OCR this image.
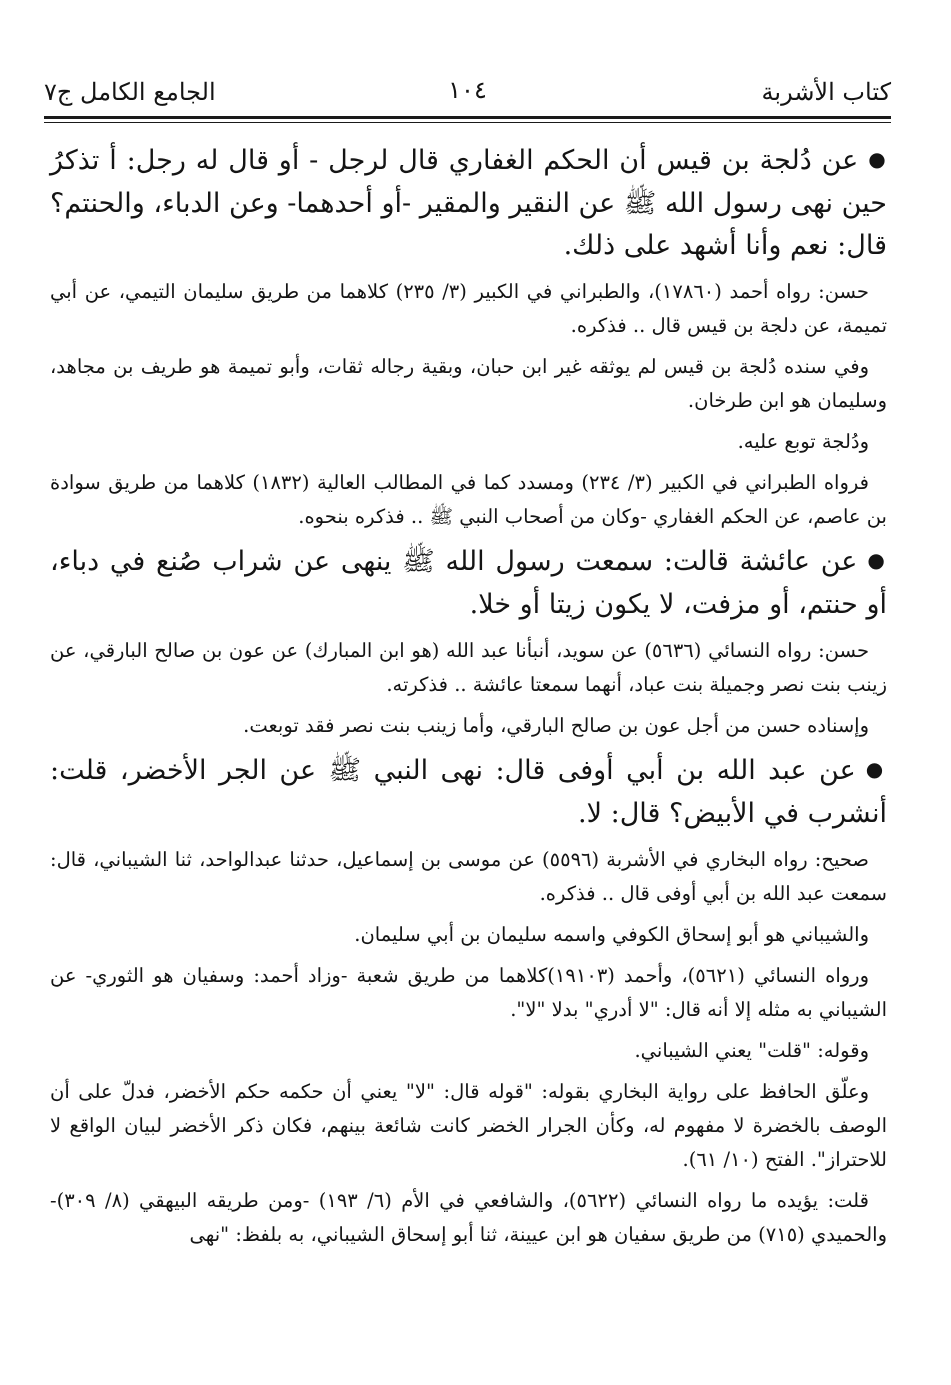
كتاب الأشربة
١٠٤
الجامع الكامل ج٧

●عن دُلجة بن قيس أن الحكم الغفاري قال لرجل - أو قال له رجل: أ تذكرُ حين نهى رسول الله ﷺ عن النقير والمقير -أو أحدهما- وعن الدباء، والحنتم؟ قال: نعم وأنا أشهد على ذلك.

حسن: رواه أحمد (١٧٨٦٠)، والطبراني في الكبير (٣/ ٢٣٥) كلاهما من طريق سليمان التيمي، عن أبي تميمة، عن دلجة بن قيس قال .. فذكره.

وفي سنده دُلجة بن قيس لم يوثقه غير ابن حبان، وبقية رجاله ثقات، وأبو تميمة هو طريف بن مجاهد، وسليمان هو ابن طرخان.

ودُلجة توبع عليه.

فرواه الطبراني في الكبير (٣/ ٢٣٤) ومسدد كما في المطالب العالية (١٨٣٢) كلاهما من طريق سوادة بن عاصم، عن الحكم الغفاري -وكان من أصحاب النبي ﷺ .. فذكره بنحوه.

●عن عائشة قالت: سمعت رسول الله ﷺ ينهى عن شراب صُنع في دباء، أو حنتم، أو مزفت، لا يكون زيتا أو خلا.

حسن: رواه النسائي (٥٦٣٦) عن سويد، أنبأنا عبد الله (هو ابن المبارك) عن عون بن صالح البارقي، عن زينب بنت نصر وجميلة بنت عباد، أنهما سمعتا عائشة .. فذكرته.

وإسناده حسن من أجل عون بن صالح البارقي، وأما زينب بنت نصر فقد توبعت.

●عن عبد الله بن أبي أوفى قال: نهى النبي ﷺ عن الجر الأخضر، قلت: أنشرب في الأبيض؟ قال: لا.

صحيح: رواه البخاري في الأشربة (٥٥٩٦) عن موسى بن إسماعيل، حدثنا عبدالواحد، ثنا الشيباني، قال: سمعت عبد الله بن أبي أوفى قال .. فذكره.

والشيباني هو أبو إسحاق الكوفي واسمه سليمان بن أبي سليمان.

ورواه النسائي (٥٦٢١)، وأحمد (١٩١٠٣)كلاهما من طريق شعبة -وزاد أحمد: وسفيان هو الثوري- عن الشيباني به مثله إلا أنه قال: "لا أدري" بدلا "لا".

وقوله: "قلت" يعني الشيباني.

وعلّق الحافظ على رواية البخاري بقوله: "قوله قال: "لا" يعني أن حكمه حكم الأخضر، فدلّ على أن الوصف بالخضرة لا مفهوم له، وكأن الجرار الخضر كانت شائعة بينهم، فكان ذكر الأخضر لبيان الواقع لا للاحتراز". الفتح (١٠/ ٦١).

قلت: يؤيده ما رواه النسائي (٥٦٢٢)، والشافعي في الأم (٦/ ١٩٣) -ومن طريقه البيهقي (٨/ ٣٠٩)- والحميدي (٧١٥) من طريق سفيان هو ابن عيينة، ثنا أبو إسحاق الشيباني، به بلفظ: "نهى
